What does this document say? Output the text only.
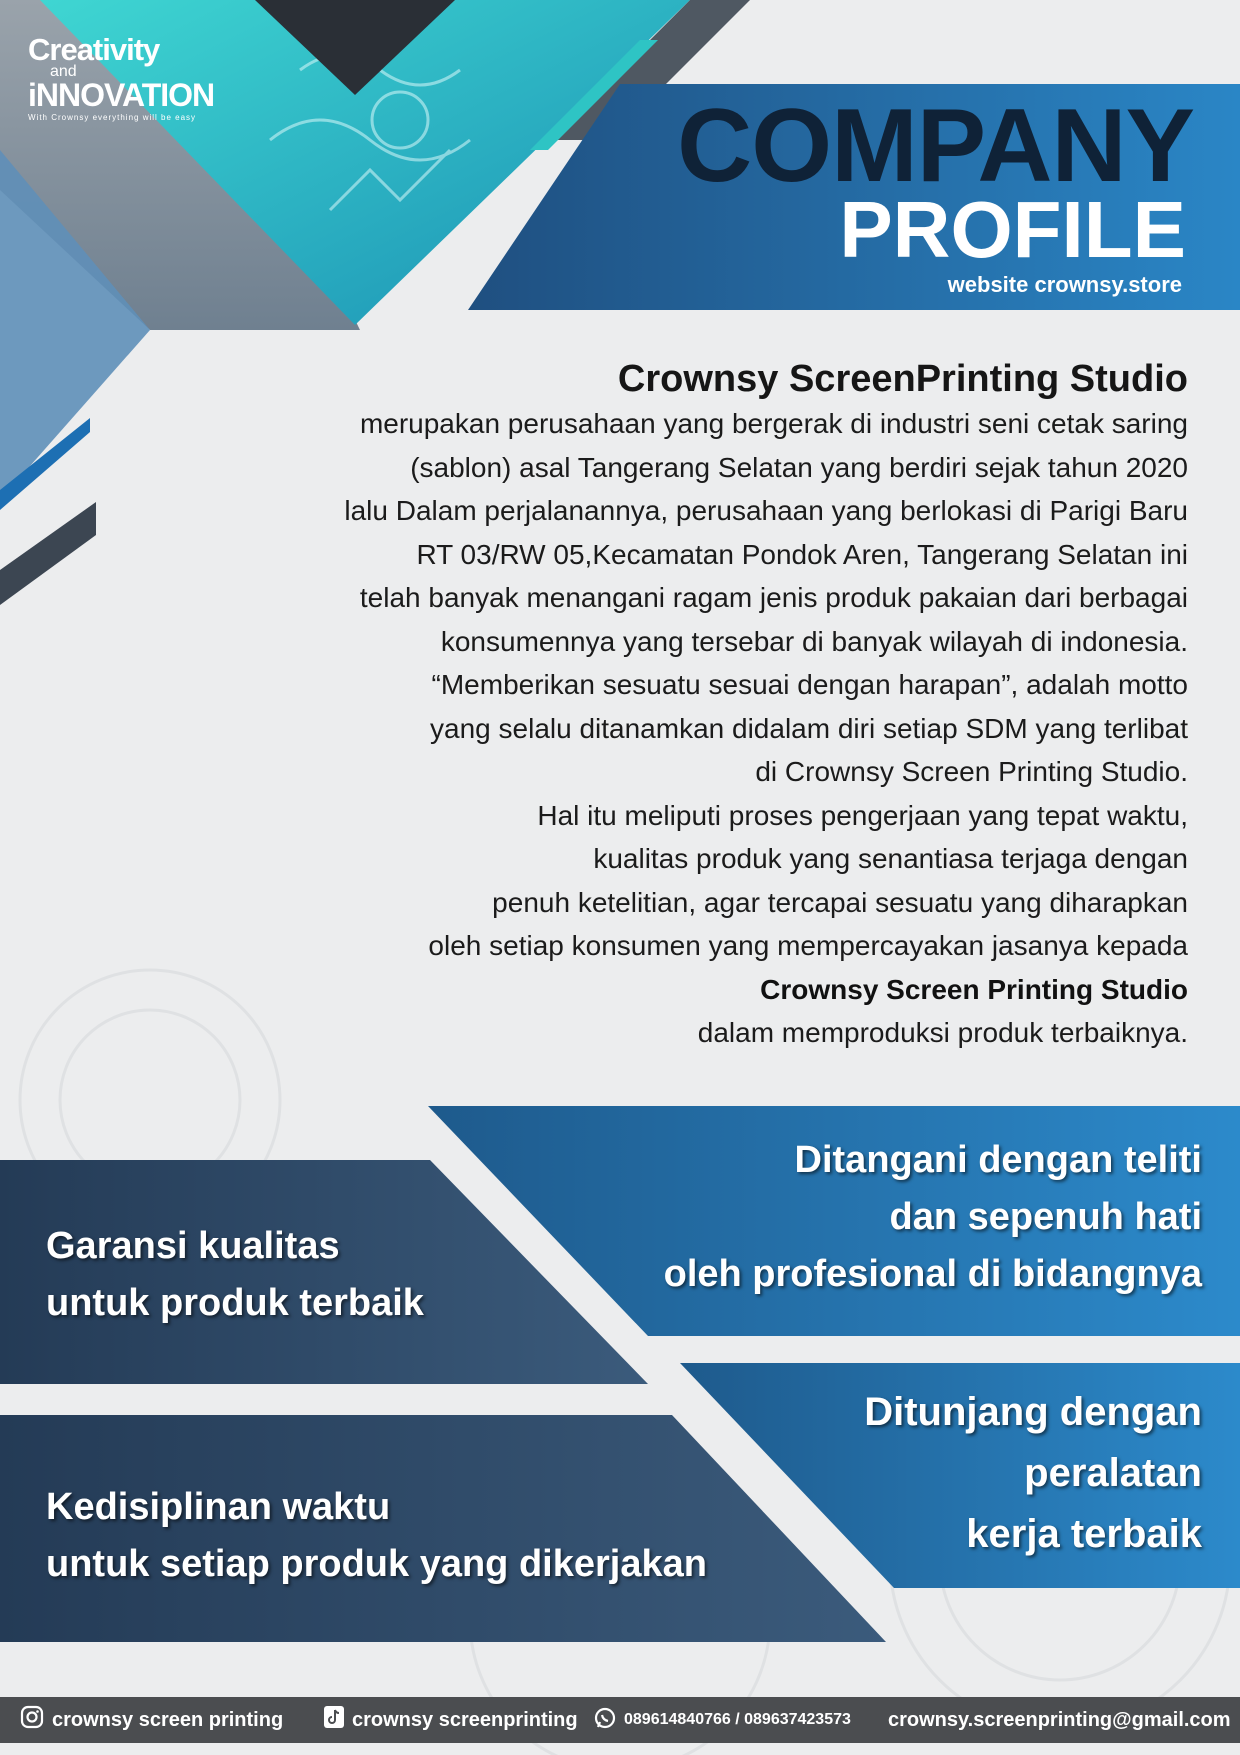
Creativity
and
iNNOVATION
With Crownsy everything will be easy	COMPANY
PROFILE
website crownsy.store
Crownsy ScreenPrinting Studio
merupakan perusahaan yang bergerak di industri seni cetak saring
(sablon) asal Tangerang Selatan yang berdiri sejak tahun 2020
lalu Dalam perjalanannya, perusahaan yang berlokasi di Parigi Baru
RT 03/RW 05,Kecamatan Pondok Aren, Tangerang Selatan ini
telah banyak menangani ragam jenis produk pakaian dari berbagai
konsumennya yang tersebar di banyak wilayah di indonesia.
“Memberikan sesuatu sesuai dengan harapan”, adalah motto
yang selalu ditanamkan didalam diri setiap SDM yang terlibat
di Crownsy Screen Printing Studio.
Hal itu meliputi proses pengerjaan yang tepat waktu,
kualitas produk yang senantiasa terjaga dengan
penuh ketelitian, agar tercapai sesuatu yang diharapkan
oleh setiap konsumen yang mempercayakan jasanya kepada
Crownsy Screen Printing Studio
dalam memproduksi produk terbaiknya.
Garansi kualitas
untuk produk terbaik
Ditangani dengan teliti
dan sepenuh hati
oleh profesional di bidangnya
Kedisiplinan waktu
untuk setiap produk yang dikerjakan
Ditunjang dengan
peralatan
kerja terbaik
crownsy screen printing	crownsy screenprinting	089614840766 / 089637423573 crownsy.screenprinting@gmail.com
